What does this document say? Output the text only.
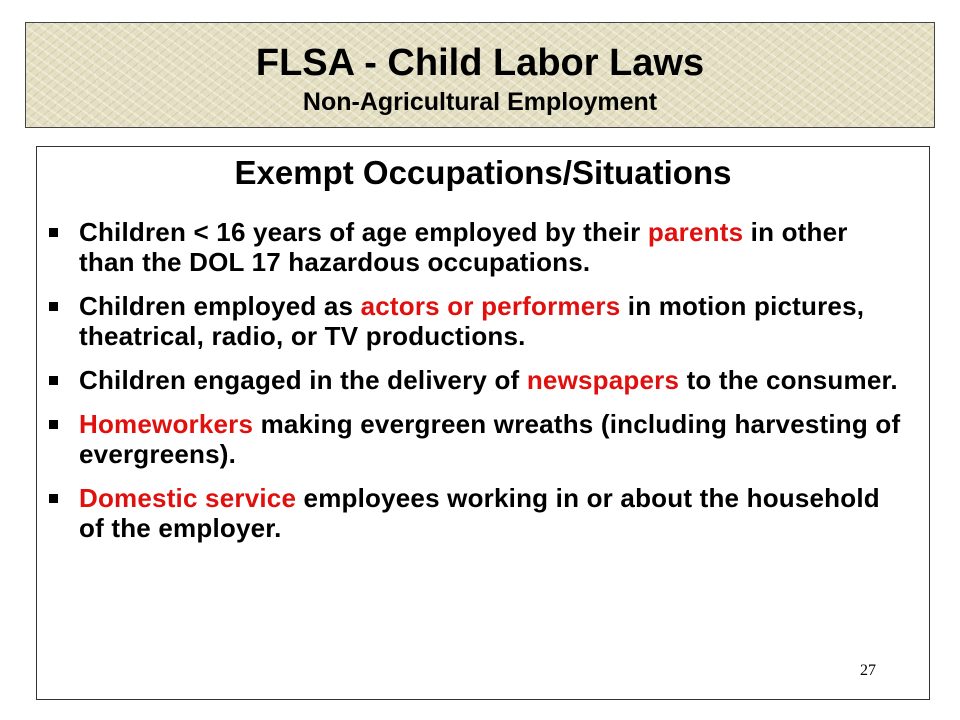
FLSA - Child Labor Laws
Non-Agricultural Employment
Exempt Occupations/Situations
Children < 16 years of age employed by their parents in other than the DOL 17 hazardous occupations.
Children employed as actors or performers in motion pictures, theatrical, radio, or TV productions.
Children engaged in the delivery of newspapers to the consumer.
Homeworkers making evergreen wreaths (including harvesting of evergreens).
Domestic service employees working in or about the household of the employer.
27
